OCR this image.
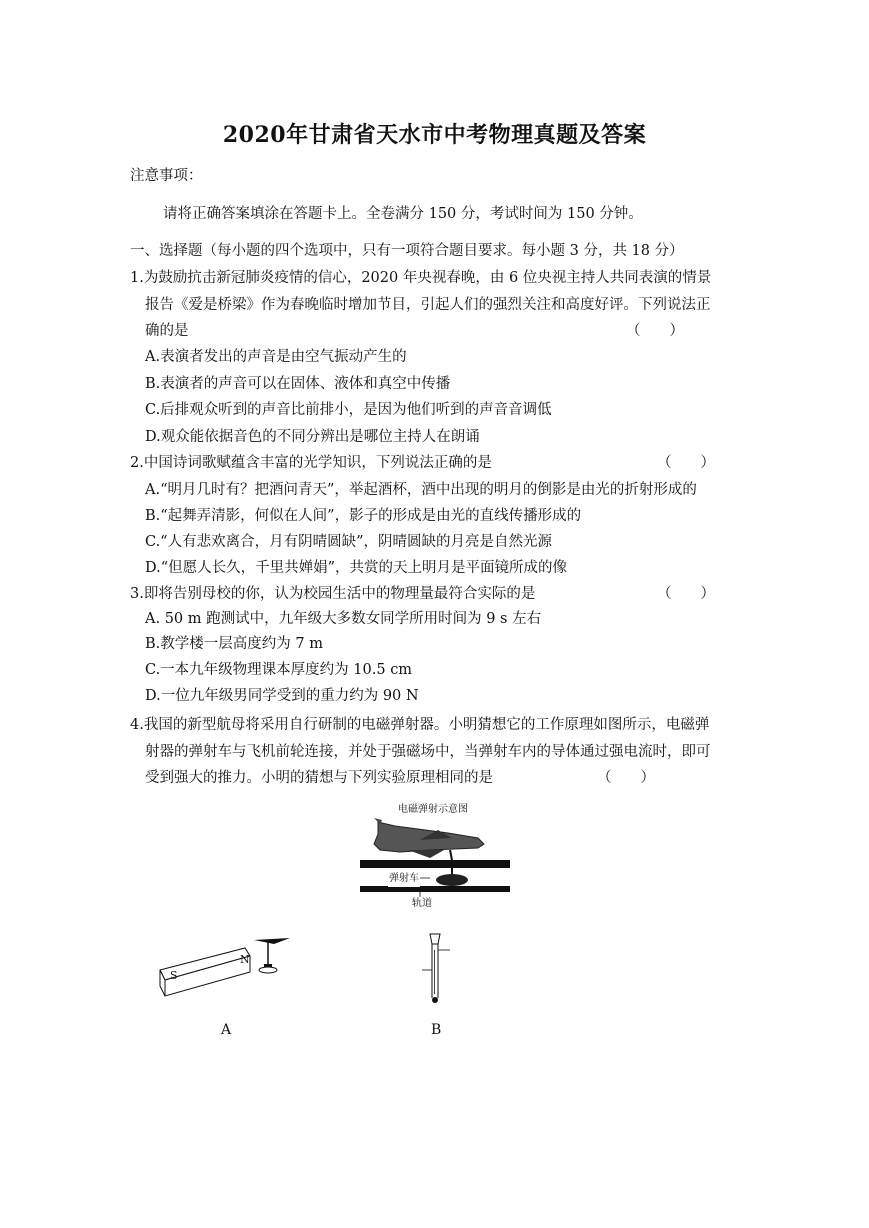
2020年甘肃省天水市中考物理真题及答案
注意事项：
请将正确答案填涂在答题卡上。全卷满分 150 分，考试时间为 150 分钟。
一、选择题（每小题的四个选项中，只有一项符合题目要求。每小题 3 分，共 18 分）
1.为鼓励抗击新冠肺炎疫情的信心，2020 年央视春晚，由 6 位央视主持人共同表演的情景
报告《爱是桥梁》作为春晚临时增加节目，引起人们的强烈关注和高度好评。下列说法正
确的是	（　　）
A.表演者发出的声音是由空气振动产生的
B.表演者的声音可以在固体、液体和真空中传播
C.后排观众听到的声音比前排小，是因为他们听到的声音音调低
D.观众能依据音色的不同分辨出是哪位主持人在朗诵
2.中国诗词歌赋蕴含丰富的光学知识，下列说法正确的是	（　　）
A.“明月几时有？把酒问青天”，举起酒杯，酒中出现的明月的倒影是由光的折射形成的
B.“起舞弄清影，何似在人间”，影子的形成是由光的直线传播形成的
C.“人有悲欢离合，月有阴晴圆缺”，阴晴圆缺的月亮是自然光源
D.“但愿人长久，千里共婵娟”，共赏的天上明月是平面镜所成的像
3.即将告别母校的你，认为校园生活中的物理量最符合实际的是	（　　）
A. 50 m 跑测试中，九年级大多数女同学所用时间为 9 s 左右
B.教学楼一层高度约为 7 m
C.一本九年级物理课本厚度约为 10.5 cm
D.一位九年级男同学受到的重力约为 90 N
4.我国的新型航母将采用自行研制的电磁弹射器。小明猜想它的工作原理如图所示，电磁弹
射器的弹射车与飞机前轮连接，并处于强磁场中，当弹射车内的导体通过强电流时，即可
受到强大的推力。小明的猜想与下列实验原理相同的是	（　　）
电磁弹射示意图
弹射车
轨道
S
N
A	B
